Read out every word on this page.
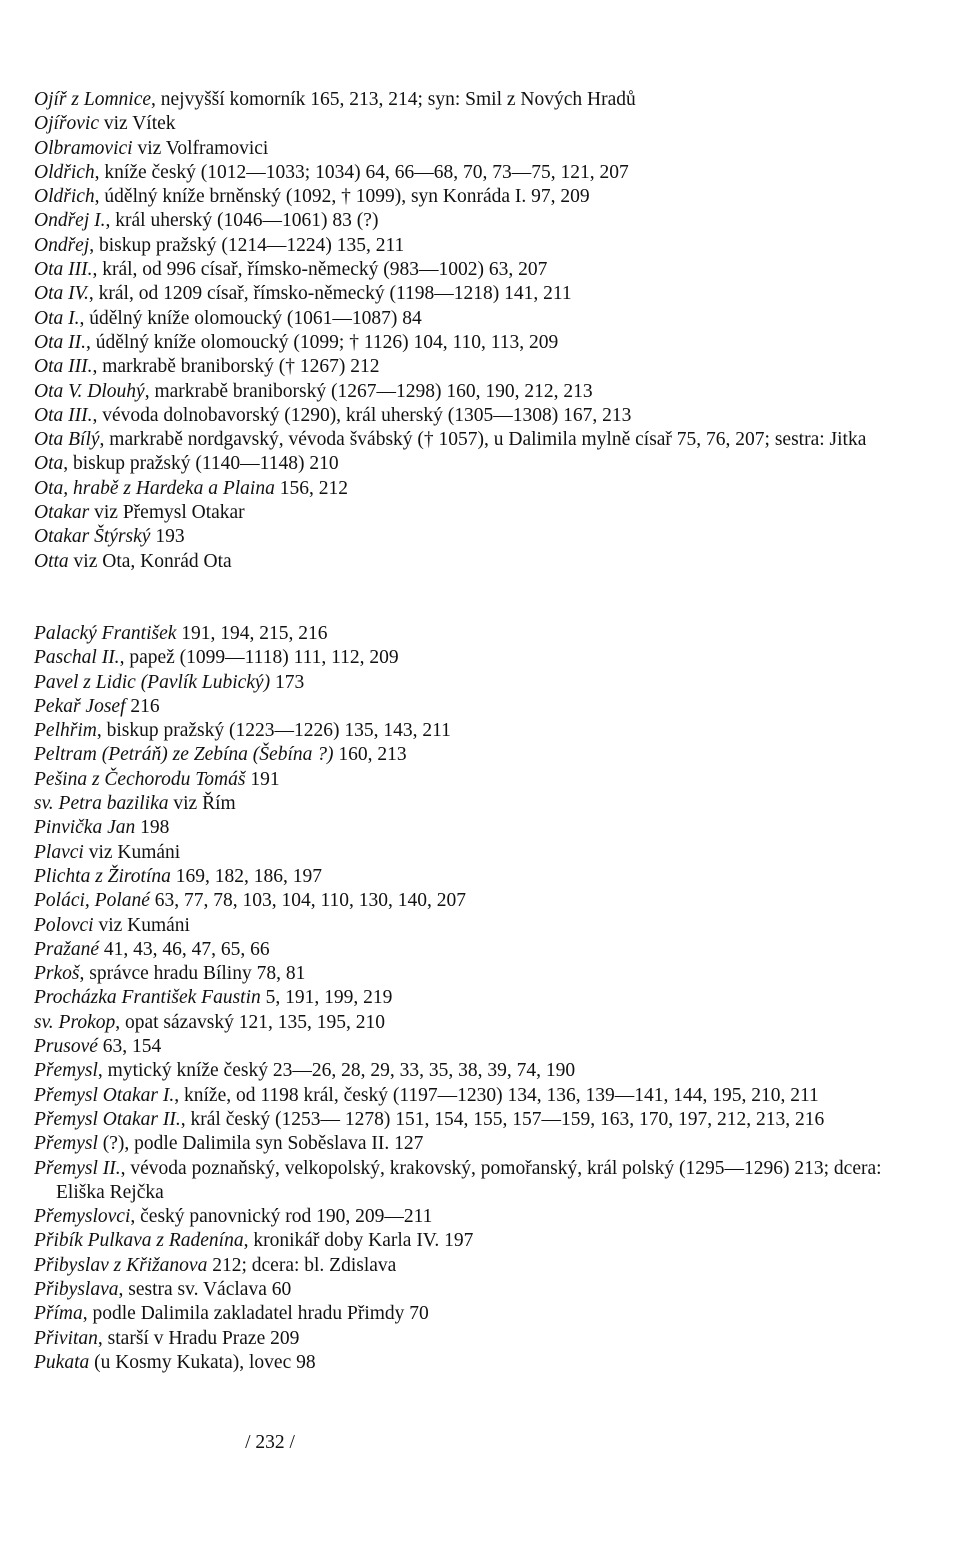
Ojíř z Lomnice, nejvyšší komorník 165, 213, 214; syn: Smil z Nových Hradů
Ojířovic viz Vítek
Olbramovici viz Volframovici
Oldřich, kníže český (1012—1033; 1034) 64, 66—68, 70, 73—75, 121, 207
Oldřich, údělný kníže brněnský (1092, † 1099), syn Konráda I. 97, 209
Ondřej I., král uherský (1046—1061) 83 (?)
Ondřej, biskup pražský (1214—1224) 135, 211
Ota III., král, od 996 císař, římsko-německý (983—1002) 63, 207
Ota IV., král, od 1209 císař, římsko-německý (1198—1218) 141, 211
Ota I., údělný kníže olomoucký (1061—1087) 84
Ota II., údělný kníže olomoucký (1099; † 1126) 104, 110, 113, 209
Ota III., markrabě braniborský († 1267) 212
Ota V. Dlouhý, markrabě braniborský (1267—1298) 160, 190, 212, 213
Ota III., vévoda dolnobavorský (1290), král uherský (1305—1308) 167, 213
Ota Bílý, markrabě nordgavský, vévoda švábský († 1057), u Dalimila mylně císař 75, 76, 207; sestra: Jitka
Ota, biskup pražský (1140—1148) 210
Ota, hrabě z Hardeka a Plaina 156, 212
Otakar viz Přemysl Otakar
Otakar Štýrský 193
Otta viz Ota, Konrád Ota
Palacký František 191, 194, 215, 216
Paschal II., papež (1099—1118) 111, 112, 209
Pavel z Lidic (Pavlík Lubický) 173
Pekař Josef 216
Pelhřim, biskup pražský (1223—1226) 135, 143, 211
Peltram (Petráň) ze Zebína (Šebína ?) 160, 213
Pešina z Čechorodu Tomáš 191
sv. Petra bazilika viz Řím
Pinvička Jan 198
Plavci viz Kumáni
Plichta z Žirotína 169, 182, 186, 197
Poláci, Polané 63, 77, 78, 103, 104, 110, 130, 140, 207
Polovci viz Kumáni
Pražané 41, 43, 46, 47, 65, 66
Prkoš, správce hradu Bíliny 78, 81
Procházka František Faustin 5, 191, 199, 219
sv. Prokop, opat sázavský 121, 135, 195, 210
Prusové 63, 154
Přemysl, mytický kníže český 23—26, 28, 29, 33, 35, 38, 39, 74, 190
Přemysl Otakar I., kníže, od 1198 král, český (1197—1230) 134, 136, 139—141, 144, 195, 210, 211
Přemysl Otakar II., král český (1253— 1278) 151, 154, 155, 157—159, 163, 170, 197, 212, 213, 216
Přemysl (?), podle Dalimila syn Soběslava II. 127
Přemysl II., vévoda poznaňský, velkopolský, krakovský, pomořanský, král polský (1295—1296) 213; dcera: Eliška Rejčka
Přemyslovci, český panovnický rod 190, 209—211
Přibík Pulkava z Radenína, kronikář doby Karla IV. 197
Přibyslav z Křižanova 212; dcera: bl. Zdislava
Přibyslava, sestra sv. Václava 60
Příma, podle Dalimila zakladatel hradu Přimdy 70
Přivitan, starší v Hradu Praze 209
Pukata (u Kosmy Kukata), lovec 98
/ 232 /
